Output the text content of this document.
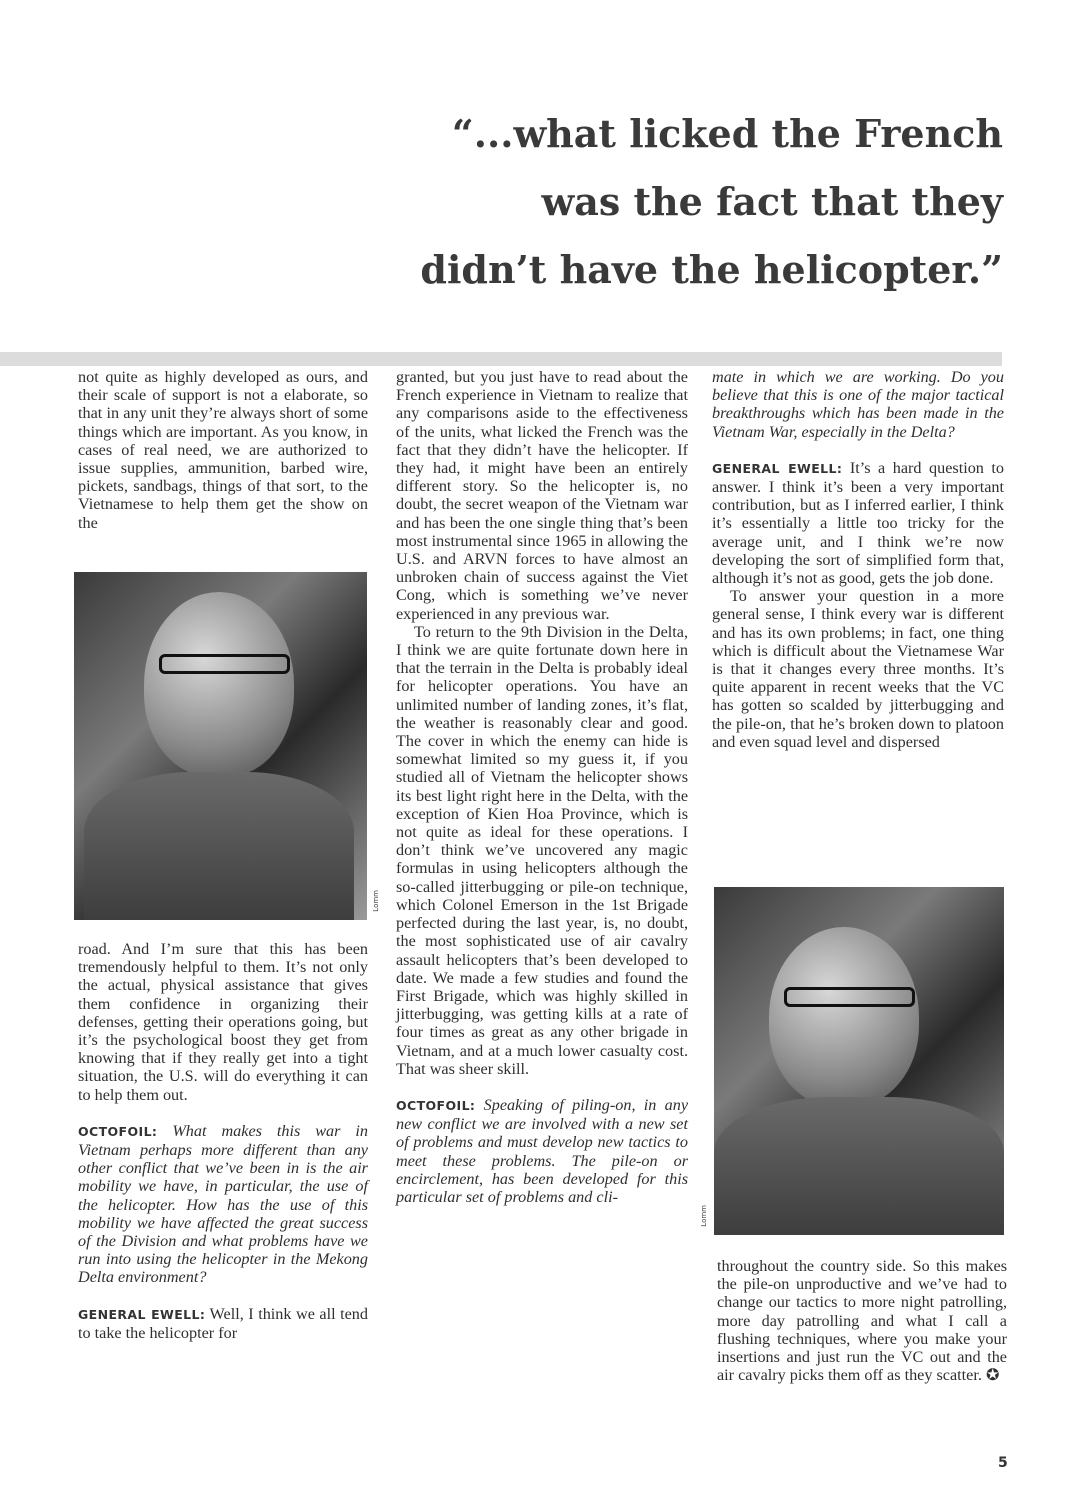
“...what licked the French
was the fact that they
didn’t have the helicopter.”

not quite as highly developed as ours, and their scale of support is not a elaborate, so that in any unit they’re always short of some things which are important. As you know, in cases of real need, we are authorized to issue supplies, ammunition, barbed wire, pickets, sandbags, things of that sort, to the Vietnamese to help them get the show on the

Lomm

road. And I’m sure that this has been tremendously helpful to them. It’s not only the actual, physical assistance that gives them confidence in organizing their defenses, getting their operations going, but it’s the psychological boost they get from knowing that if they really get into a tight situation, the U.S. will do everything it can to help them out.

OCTOFOIL: What makes this war in Vietnam perhaps more different than any other conflict that we’ve been in is the air mobility we have, in particular, the use of the helicopter. How has the use of this mobility we have affected the great success of the Division and what problems have we run into using the helicopter in the Mekong Delta environment?

GENERAL EWELL: Well, I think we all tend to take the helicopter for

granted, but you just have to read about the French experience in Vietnam to realize that any comparisons aside to the effectiveness of the units, what licked the French was the fact that they didn’t have the helicopter. If they had, it might have been an entirely different story. So the helicopter is, no doubt, the secret weapon of the Vietnam war and has been the one single thing that’s been most instrumental since 1965 in allowing the U.S. and ARVN forces to have almost an unbroken chain of success against the Viet Cong, which is something we’ve never experienced in any previous war.

To return to the 9th Division in the Delta, I think we are quite fortunate down here in that the terrain in the Delta is probably ideal for helicopter operations. You have an unlimited number of landing zones, it’s flat, the weather is reasonably clear and good. The cover in which the enemy can hide is somewhat limited so my guess it, if you studied all of Vietnam the helicopter shows its best light right here in the Delta, with the exception of Kien Hoa Province, which is not quite as ideal for these operations. I don’t think we’ve uncovered any magic formulas in using helicopters although the so-called jitterbugging or pile-on technique, which Colonel Emerson in the 1st Brigade perfected during the last year, is, no doubt, the most sophisticated use of air cavalry assault helicopters that’s been developed to date. We made a few studies and found the First Brigade, which was highly skilled in jitterbugging, was getting kills at a rate of four times as great as any other brigade in Vietnam, and at a much lower casualty cost. That was sheer skill.

OCTOFOIL: Speaking of piling-on, in any new conflict we are involved with a new set of problems and must develop new tactics to meet these problems. The pile-on or encirclement, has been developed for this particular set of problems and cli-

mate in which we are working. Do you believe that this is one of the major tactical breakthroughs which has been made in the Vietnam War, especially in the Delta?

GENERAL EWELL: It’s a hard question to answer. I think it’s been a very important contribution, but as I inferred earlier, I think it’s essentially a little too tricky for the average unit, and I think we’re now developing the sort of simplified form that, although it’s not as good, gets the job done.

To answer your question in a more general sense, I think every war is different and has its own problems; in fact, one thing which is difficult about the Vietnamese War is that it changes every three months. It’s quite apparent in recent weeks that the VC has gotten so scalded by jitterbugging and the pile-on, that he’s broken down to platoon and even squad level and dispersed

Lomm

throughout the country side. So this makes the pile-on unproductive and we’ve had to change our tactics to more night patrolling, more day patrolling and what I call a flushing techniques, where you make your insertions and just run the VC out and the air cavalry picks them off as they scatter. ✪

5
